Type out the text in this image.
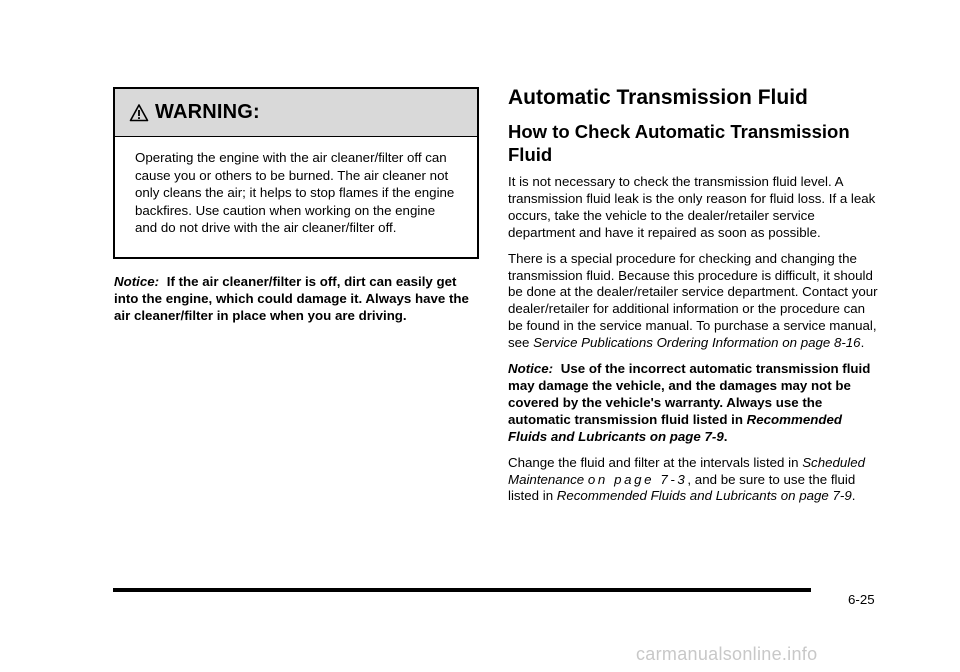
WARNING:
Operating the engine with the air cleaner/filter off can cause you or others to be burned. The air cleaner not only cleans the air; it helps to stop flames if the engine backfires. Use caution when working on the engine and do not drive with the air cleaner/filter off.
Notice: If the air cleaner/filter is off, dirt can easily get into the engine, which could damage it. Always have the air cleaner/filter in place when you are driving.
Automatic Transmission Fluid
How to Check Automatic Transmission Fluid

It is not necessary to check the transmission fluid level. A transmission fluid leak is the only reason for fluid loss. If a leak occurs, take the vehicle to the dealer/retailer service department and have it repaired as soon as possible.

There is a special procedure for checking and changing the transmission fluid. Because this procedure is difficult, it should be done at the dealer/retailer service department. Contact your dealer/retailer for additional information or the procedure can be found in the service manual. To purchase a service manual, see Service Publications Ordering Information on page 8-16.

Notice: Use of the incorrect automatic transmission fluid may damage the vehicle, and the damages may not be covered by the vehicle's warranty. Always use the automatic transmission fluid listed in Recommended Fluids and Lubricants on page 7-9.

Change the fluid and filter at the intervals listed in Scheduled Maintenance on page 7-3, and be sure to use the fluid listed in Recommended Fluids and Lubricants on page 7-9.

6-25
carmanualsonline.info
